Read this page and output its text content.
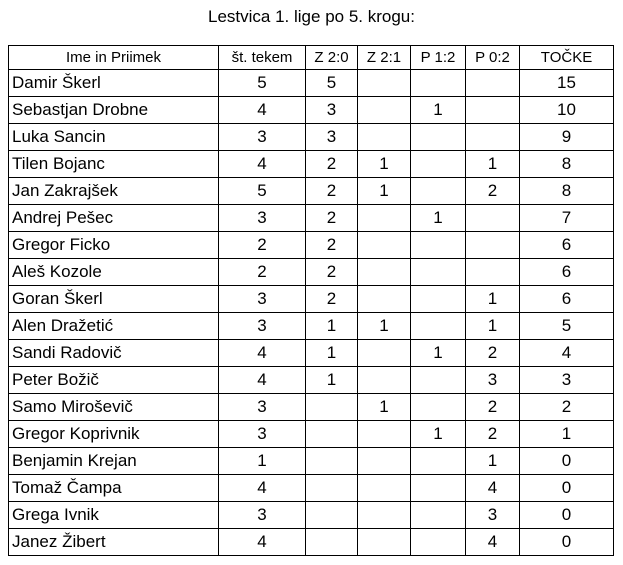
Lestvica 1. lige po 5. krogu:
Ime in Priimek	št. tekem	Z 2:0	Z 2:1	P 1:2	P 0:2	TOČKE
Damir Škerl	5	5				15
Sebastjan Drobne	4	3		1		10
Luka Sancin	3	3				9
Tilen Bojanc	4	2	1		1	8
Jan Zakrajšek	5	2	1		2	8
Andrej Pešec	3	2		1		7
Gregor Ficko	2	2				6
Aleš Kozole	2	2				6
Goran Škerl	3	2			1	6
Alen Dražetić	3	1	1		1	5
Sandi Radovič	4	1		1	2	4
Peter Božič	4	1			3	3
Samo Miroševič	3		1		2	2
Gregor Koprivnik	3			1	2	1
Benjamin Krejan	1				1	0
Tomaž Čampa	4				4	0
Grega Ivnik	3				3	0
Janez Žibert	4				4	0
